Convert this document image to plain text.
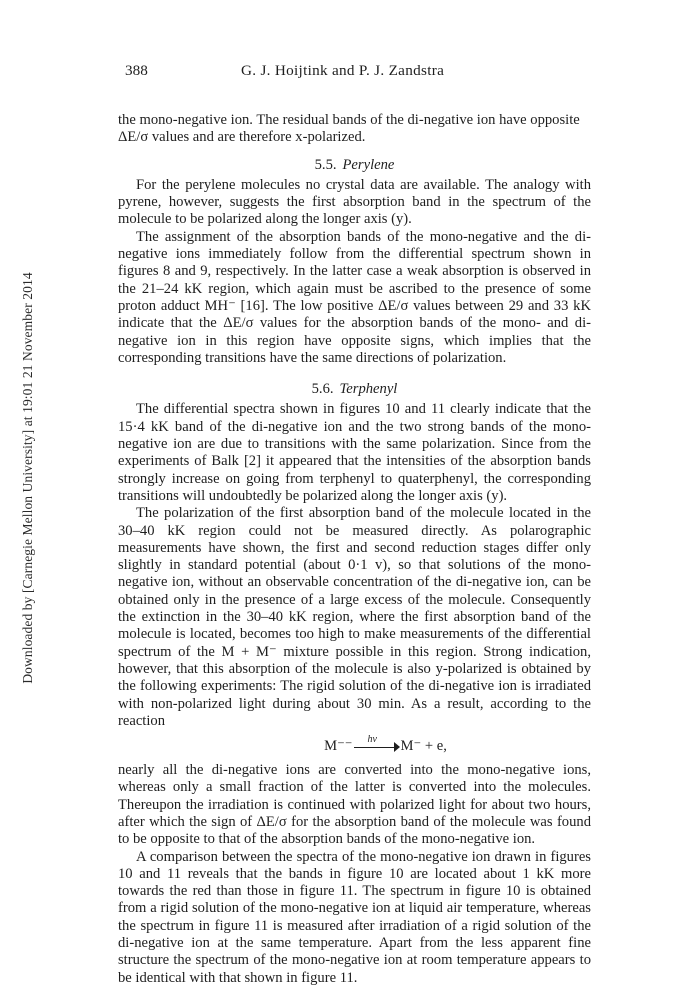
Downloaded by [Carnegie Mellon University] at 19:01 21 November 2014
388	G. J. Hoijtink and P. J. Zandstra

the mono-negative ion. The residual bands of the di-negative ion have opposite
ΔE/σ values and are therefore x-polarized.

5.5. Perylene

For the perylene molecules no crystal data are available. The analogy with pyrene, however, suggests the first absorption band in the spectrum of the molecule to be polarized along the longer axis (y).

The assignment of the absorption bands of the mono-negative and the di-negative ions immediately follow from the differential spectrum shown in figures 8 and 9, respectively. In the latter case a weak absorption is observed in the 21–24 kK region, which again must be ascribed to the presence of some proton adduct MH⁻ [16]. The low positive ΔE/σ values between 29 and 33 kK indicate that the ΔE/σ values for the absorption bands of the mono- and di-negative ion in this region have opposite signs, which implies that the corresponding transitions have the same directions of polarization.

5.6. Terphenyl

The differential spectra shown in figures 10 and 11 clearly indicate that the 15·4 kK band of the di-negative ion and the two strong bands of the mono-negative ion are due to transitions with the same polarization. Since from the experiments of Balk [2] it appeared that the intensities of the absorption bands strongly increase on going from terphenyl to quaterphenyl, the corresponding transitions will undoubtedly be polarized along the longer axis (y).

The polarization of the first absorption band of the molecule located in the 30–40 kK region could not be measured directly. As polarographic measurements have shown, the first and second reduction stages differ only slightly in standard potential (about 0·1 v), so that solutions of the mono-negative ion, without an observable concentration of the di-negative ion, can be obtained only in the presence of a large excess of the molecule. Consequently the extinction in the 30–40 kK region, where the first absorption band of the molecule is located, becomes too high to make measurements of the differential spectrum of the M + M⁻ mixture possible in this region. Strong indication, however, that this absorption of the molecule is also y-polarized is obtained by the following experiments: The rigid solution of the di-negative ion is irradiated with non-polarized light during about 30 min. As a result, according to the reaction

M⁻⁻ hν M⁻ + e,

nearly all the di-negative ions are converted into the mono-negative ions, whereas only a small fraction of the latter is converted into the molecules. Thereupon the irradiation is continued with polarized light for about two hours, after which the sign of ΔE/σ for the absorption band of the molecule was found to be opposite to that of the absorption bands of the mono-negative ion.

A comparison between the spectra of the mono-negative ion drawn in figures 10 and 11 reveals that the bands in figure 10 are located about 1 kK more towards the red than those in figure 11. The spectrum in figure 10 is obtained from a rigid solution of the mono-negative ion at liquid air temperature, whereas the spectrum in figure 11 is measured after irradiation of a rigid solution of the di-negative ion at the same temperature. Apart from the less apparent fine structure the spectrum of the mono-negative ion at room temperature appears to be identical with that shown in figure 11.
